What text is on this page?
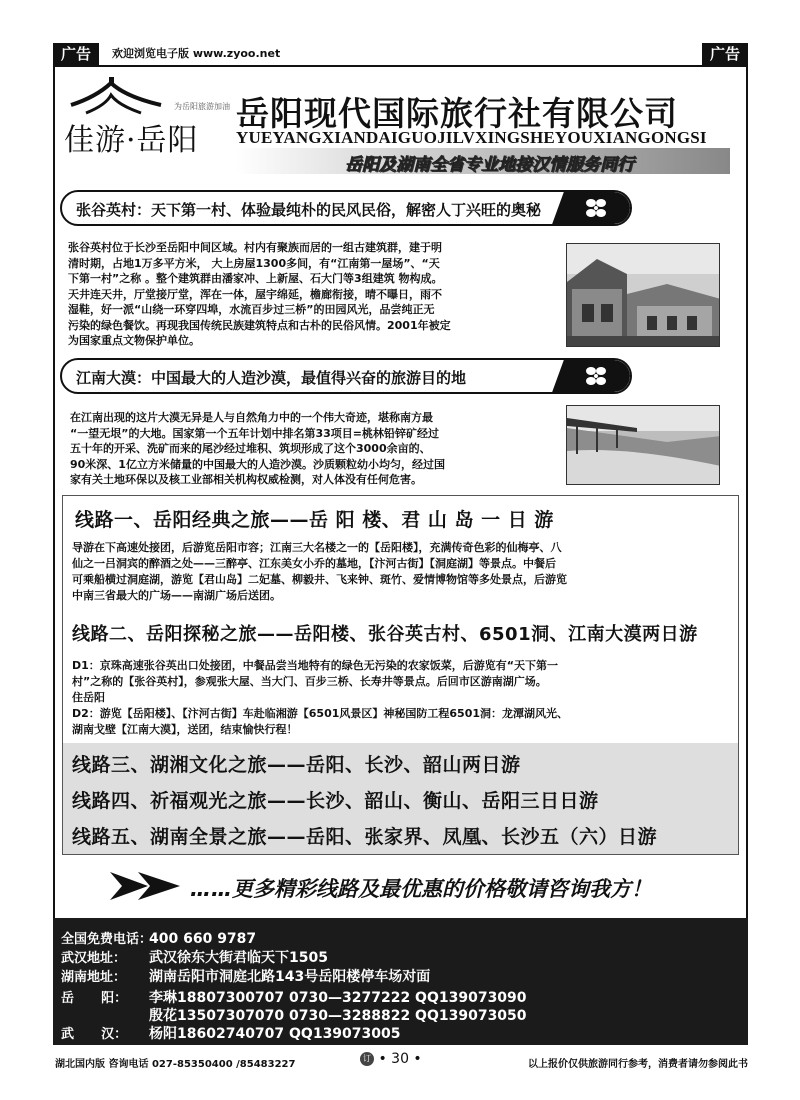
广告	欢迎浏览电子版 www.zyoo.net	广告
为岳阳旅游加油
佳游·岳阳
岳阳现代国际旅行社有限公司
YUEYANGXIANDAIGUOJILVXINGSHEYOUXIANGONGSI
岳阳及湖南全省专业地接汉情服务同行
张谷英村：天下第一村、体验最纯朴的民风民俗，解密人丁兴旺的奥秘
张谷英村位于长沙至岳阳中间区域。村内有聚族而居的一组古建筑群，建于明
清时期，占地1万多平方米， 大上房屋1300多间，有“江南第一屋场”、“天
下第一村”之称 。整个建筑群由潘家冲、上新屋、石大门等3组建筑 物构成。
天井连天井，厅堂接厅堂，浑在一体，屋宇绵延，檐廊衔接，晴不曝日，雨不
湿鞋，好一派“山绕一环穿四埠，水流百步过三桥”的田园风光，品尝纯正无
污染的绿色餐饮。再现我国传统民族建筑特点和古朴的民俗风情。2001年被定
为国家重点文物保护单位。
江南大漠：中国最大的人造沙漠，最值得兴奋的旅游目的地
在江南出现的这片大漠无异是人与自然角力中的一个伟大奇迹，堪称南方最
“一望无垠”的大地。国家第一个五年计划中排名第33项目=桃林铅锌矿经过
五十年的开采、洗矿而来的尾沙经过堆积、筑坝形成了这个3000余亩的、
90米深、1亿立方米储量的中国最大的人造沙漠。沙质颗粒幼小均匀，经过国
家有关土地环保以及核工业部相关机构权威检测，对人体没有任何危害。
线路一、岳阳经典之旅——岳 阳 楼、君 山 岛 一 日 游
导游在下高速处接团，后游览岳阳市容；江南三大名楼之一的【岳阳楼】，充满传奇色彩的仙梅亭、八
仙之一吕洞宾的醉酒之处——三醉亭、江东美女小乔的墓地，【汴河古街】【洞庭湖】等景点。中餐后
可乘船横过洞庭湖，游览【君山岛】二妃墓、柳毅井、飞来钟、斑竹、爱情博物馆等多处景点，后游览
中南三省最大的广场——南湖广场后送团。
线路二、岳阳探秘之旅——岳阳楼、张谷英古村、6501洞、江南大漠两日游
D1：京珠高速张谷英出口处接团，中餐品尝当地特有的绿色无污染的农家饭菜，后游览有“天下第一
村”之称的【张谷英村】，参观张大屋、当大门、百步三桥、长寿井等景点。后回市区游南湖广场。
住岳阳
D2：游览【岳阳楼】、【汴河古街】车赴临湘游【6501风景区】神秘国防工程6501洞：龙潭湖风光、
湖南戈壁【江南大漠】，送团，结束愉快行程！
线路三、湖湘文化之旅——岳阳、长沙、韶山两日游
线路四、祈福观光之旅——长沙、韶山、衡山、岳阳三日日游
线路五、湖南全景之旅——岳阳、张家界、凤凰、长沙五（六）日游
……更多精彩线路及最优惠的价格敬请咨询我方！
全国免费电话：400 660 9787
武汉地址： 武汉徐东大街君临天下1505
湖南地址： 湖南岳阳市洞庭北路143号岳阳楼停车场对面
岳      阳： 李琳18807300707 0730—3277222 QQ139073090
殷花13507307070 0730—3288822 QQ139073050
武      汉： 杨阳18602740707 QQ139073005
湖北国内版 咨询电话 027-85350400 /85483227
订 • 30 •	以上报价仅供旅游同行参考，消费者请勿参阅此书
